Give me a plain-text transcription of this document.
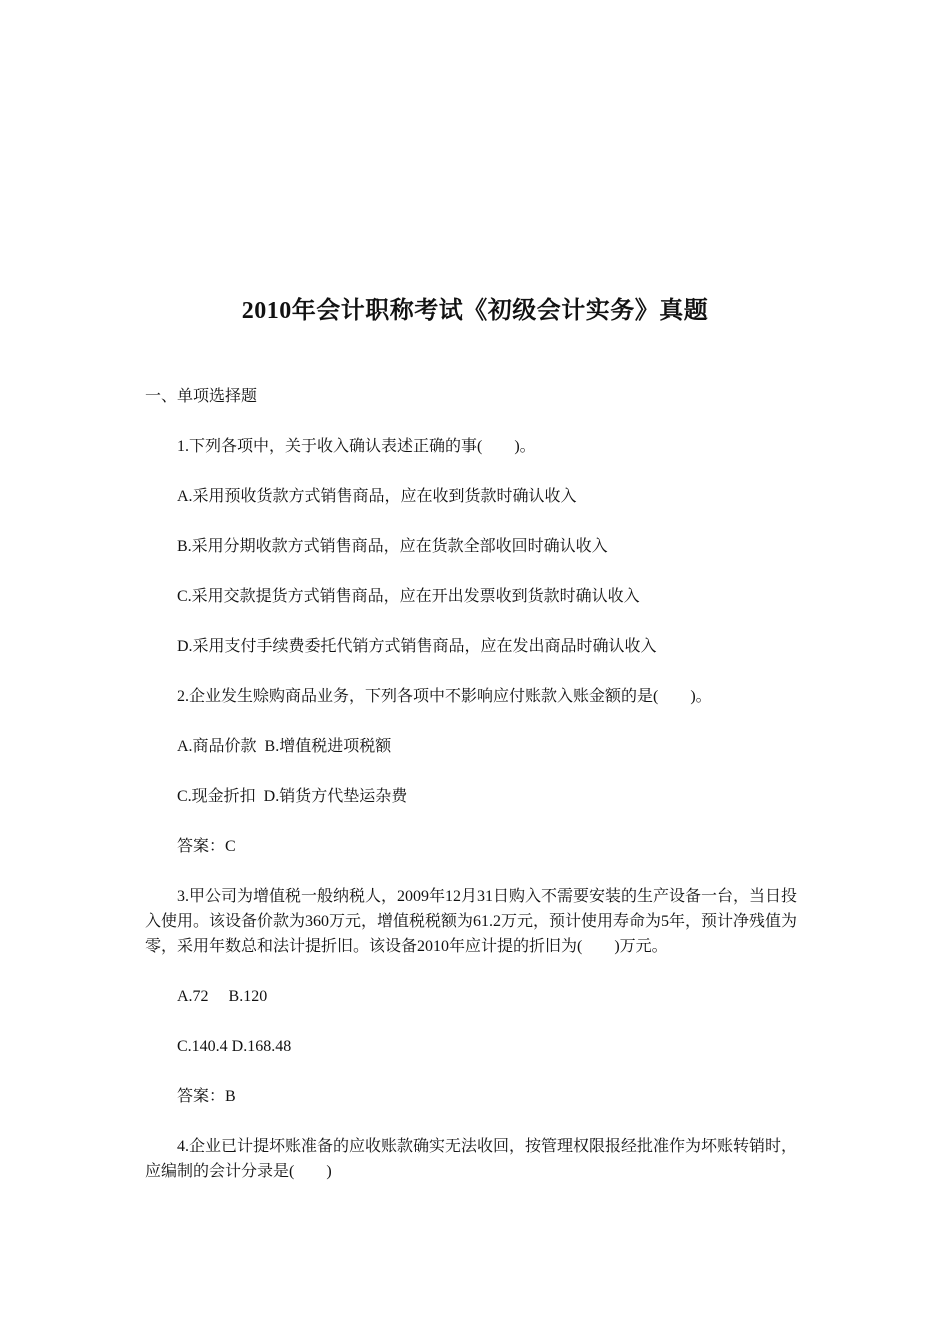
2010年会计职称考试《初级会计实务》真题

一、单项选择题

1.下列各项中，关于收入确认表述正确的事(　　)。

A.采用预收货款方式销售商品，应在收到货款时确认收入

B.采用分期收款方式销售商品，应在货款全部收回时确认收入

C.采用交款提货方式销售商品，应在开出发票收到货款时确认收入

D.采用支付手续费委托代销方式销售商品，应在发出商品时确认收入

2.企业发生赊购商品业务，下列各项中不影响应付账款入账金额的是(　　)。

A.商品价款  B.增值税进项税额

C.现金折扣  D.销货方代垫运杂费

答案：C

3.甲公司为增值税一般纳税人，2009年12月31日购入不需要安装的生产设备一台，当日投入使用。该设备价款为360万元，增值税税额为61.2万元，预计使用寿命为5年，预计净残值为零，采用年数总和法计提折旧。该设备2010年应计提的折旧为(　　)万元。

A.72     B.120

C.140.4 D.168.48

答案：B

4.企业已计提坏账准备的应收账款确实无法收回，按管理权限报经批准作为坏账转销时，应编制的会计分录是(　　)
